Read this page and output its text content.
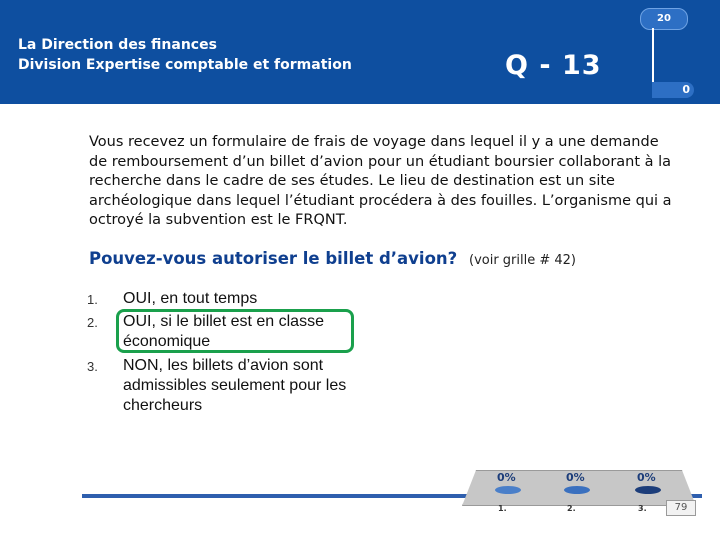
La Direction des finances
Division Expertise comptable et formation	Q - 13
20
0
Vous recevez un formulaire de frais de voyage dans lequel il y a une demande de remboursement d’un billet d’avion pour un étudiant boursier collaborant à la recherche dans le cadre de ses études. Le lieu de destination est un site archéologique dans lequel l’étudiant procédera à des fouilles. L’organisme qui a octroyé la subvention est le FRQNT.
Pouvez-vous autoriser le billet d’avion? (voir grille # 42)
1. OUI, en tout temps
2. OUI, si le billet est en classe économique
3. NON, les billets d’avion sont admissibles seulement pour les chercheurs
0%
1.
0%
2.
0%
3.	79
